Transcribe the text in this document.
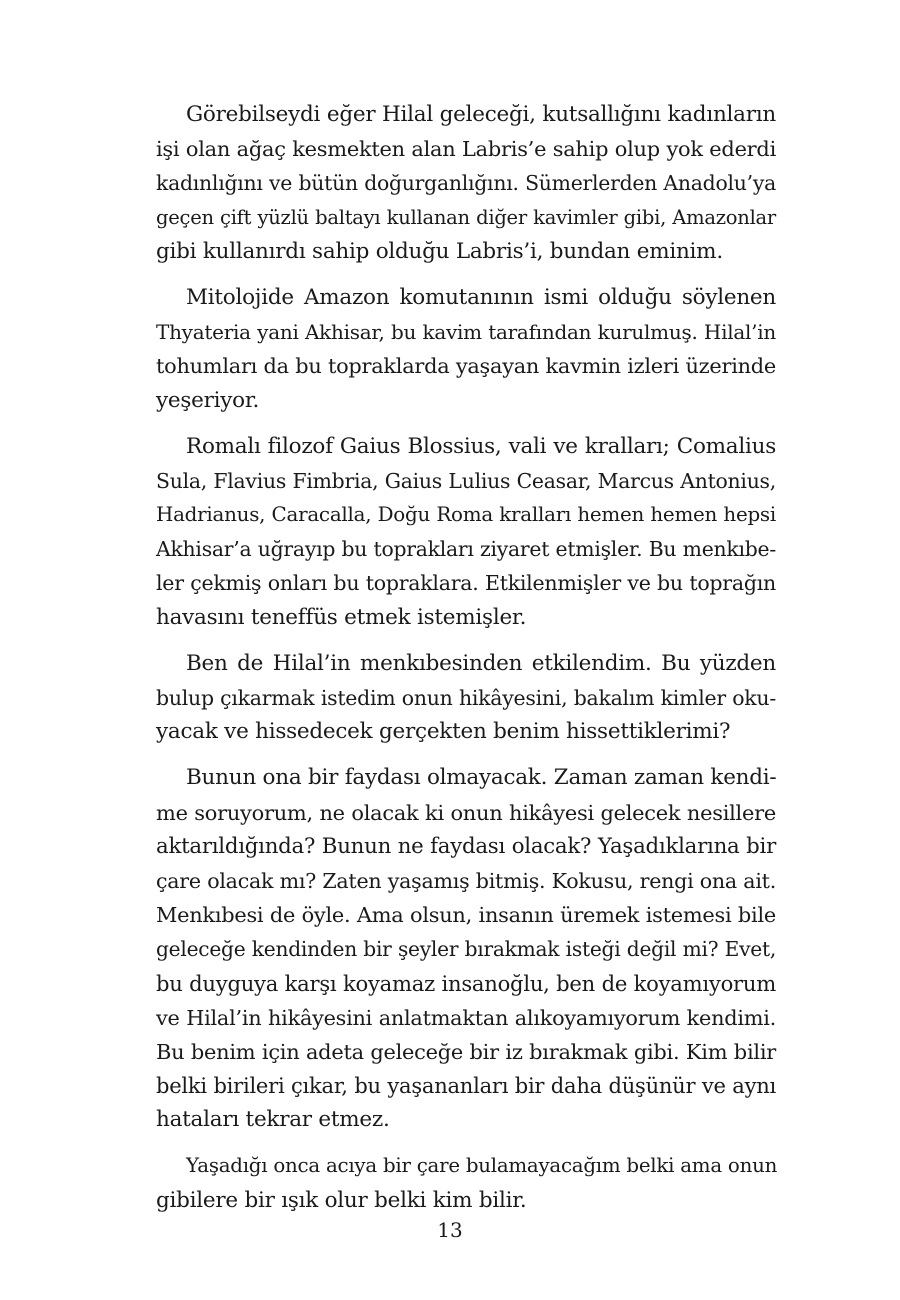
Görebilseydi eğer Hilal geleceği, kutsallığını kadınların
işi olan ağaç kesmekten alan Labris’e sahip olup yok ederdi
kadınlığını ve bütün doğurganlığını. Sümerlerden Anadolu’ya
geçen çift yüzlü baltayı kullanan diğer kavimler gibi, Amazonlar
gibi kullanırdı sahip olduğu Labris’i, bundan eminim.

Mitolojide Amazon komutanının ismi olduğu söylenen
Thyateria yani Akhisar, bu kavim tarafından kurulmuş. Hilal’in
tohumları da bu topraklarda yaşayan kavmin izleri üzerinde
yeşeriyor.

Romalı filozof Gaius Blossius, vali ve kralları; Comalius
Sula, Flavius Fimbria, Gaius Lulius Ceasar, Marcus Antonius,
Hadrianus, Caracalla, Doğu Roma kralları hemen hemen hepsi
Akhisar’a uğrayıp bu toprakları ziyaret etmişler. Bu menkıbe-
ler çekmiş onları bu topraklara. Etkilenmişler ve bu toprağın
havasını teneffüs etmek istemişler.

Ben de Hilal’in menkıbesinden etkilendim. Bu yüzden
bulup çıkarmak istedim onun hikâyesini, bakalım kimler oku-
yacak ve hissedecek gerçekten benim hissettiklerimi?

Bunun ona bir faydası olmayacak. Zaman zaman kendi-
me soruyorum, ne olacak ki onun hikâyesi gelecek nesillere
aktarıldığında? Bunun ne faydası olacak? Yaşadıklarına bir
çare olacak mı? Zaten yaşamış bitmiş. Kokusu, rengi ona ait.
Menkıbesi de öyle. Ama olsun, insanın üremek istemesi bile
geleceğe kendinden bir şeyler bırakmak isteği değil mi? Evet,
bu duyguya karşı koyamaz insanoğlu, ben de koyamıyorum
ve Hilal’in hikâyesini anlatmaktan alıkoyamıyorum kendimi.
Bu benim için adeta geleceğe bir iz bırakmak gibi. Kim bilir
belki birileri çıkar, bu yaşananları bir daha düşünür ve aynı
hataları tekrar etmez.

Yaşadığı onca acıya bir çare bulamayacağım belki ama onun
gibilere bir ışık olur belki kim bilir.

13
